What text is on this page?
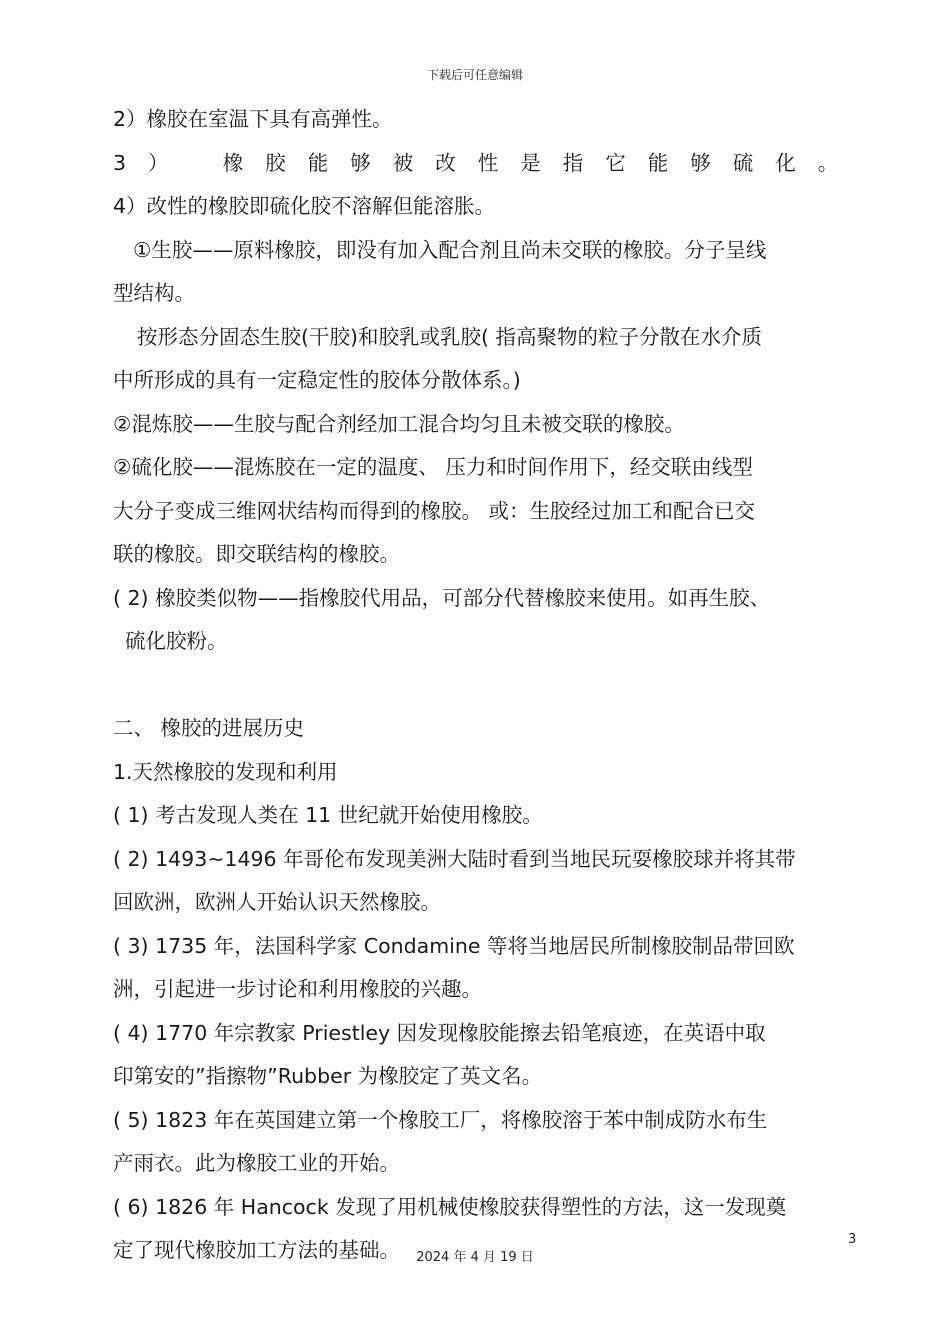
下载后可任意编辑
2）橡胶在室温下具有高弹性。
3）　橡胶能够被改性是指它能够硫化。
4）改性的橡胶即硫化胶不溶解但能溶胀。
①生胶——原料橡胶，即没有加入配合剂且尚未交联的橡胶。分子呈线
型结构。
按形态分固态生胶(干胶)和胶乳或乳胶( 指高聚物的粒子分散在水介质
中所形成的具有一定稳定性的胶体分散体系。)
②混炼胶——生胶与配合剂经加工混合均匀且未被交联的橡胶。
②硫化胶——混炼胶在一定的温度、 压力和时间作用下，经交联由线型
大分子变成三维网状结构而得到的橡胶。 或：生胶经过加工和配合已交
联的橡胶。即交联结构的橡胶。
( 2) 橡胶类似物——指橡胶代用品，可部分代替橡胶来使用。如再生胶、
硫化胶粉。
二、 橡胶的进展历史
1.天然橡胶的发现和利用
( 1) 考古发现人类在 11 世纪就开始使用橡胶。
( 2) 1493~1496 年哥伦布发现美洲大陆时看到当地民玩耍橡胶球并将其带
回欧洲，欧洲人开始认识天然橡胶。
( 3) 1735 年，法国科学家 Condamine 等将当地居民所制橡胶制品带回欧
洲，引起进一步讨论和利用橡胶的兴趣。
( 4) 1770 年宗教家 Priestley 因发现橡胶能擦去铅笔痕迹，在英语中取
印第安的”指擦物”Rubber 为橡胶定了英文名。
( 5) 1823 年在英国建立第一个橡胶工厂，将橡胶溶于苯中制成防水布生
产雨衣。此为橡胶工业的开始。
( 6) 1826 年 Hancock 发现了用机械使橡胶获得塑性的方法，这一发现奠
定了现代橡胶加工方法的基础。	3
2024 年 4 月 19 日
